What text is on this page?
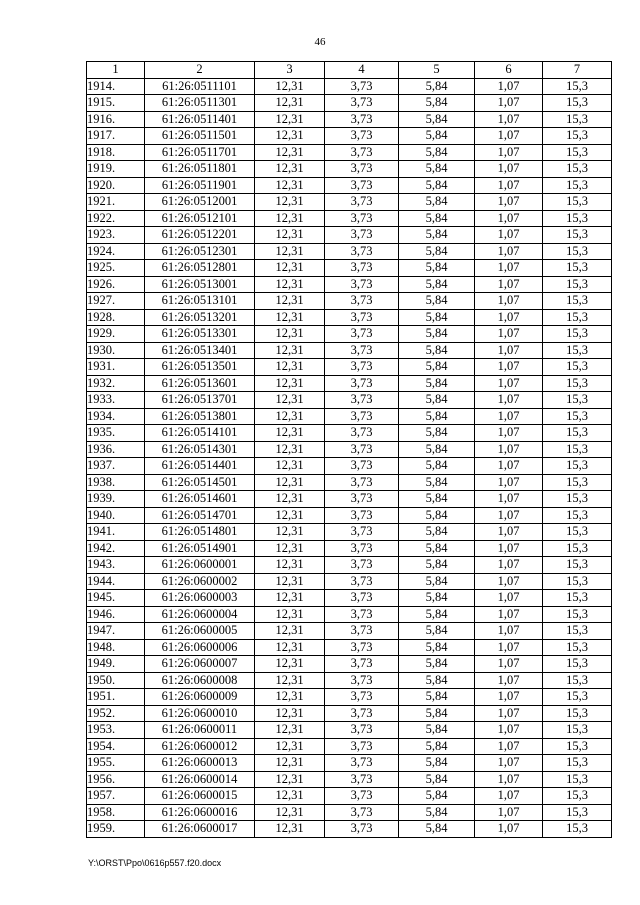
46
1	2	3	4	5	6	7
1914.	61:26:0511101	12,31	3,73	5,84	1,07	15,3
1915.	61:26:0511301	12,31	3,73	5,84	1,07	15,3
1916.	61:26:0511401	12,31	3,73	5,84	1,07	15,3
1917.	61:26:0511501	12,31	3,73	5,84	1,07	15,3
1918.	61:26:0511701	12,31	3,73	5,84	1,07	15,3
1919.	61:26:0511801	12,31	3,73	5,84	1,07	15,3
1920.	61:26:0511901	12,31	3,73	5,84	1,07	15,3
1921.	61:26:0512001	12,31	3,73	5,84	1,07	15,3
1922.	61:26:0512101	12,31	3,73	5,84	1,07	15,3
1923.	61:26:0512201	12,31	3,73	5,84	1,07	15,3
1924.	61:26:0512301	12,31	3,73	5,84	1,07	15,3
1925.	61:26:0512801	12,31	3,73	5,84	1,07	15,3
1926.	61:26:0513001	12,31	3,73	5,84	1,07	15,3
1927.	61:26:0513101	12,31	3,73	5,84	1,07	15,3
1928.	61:26:0513201	12,31	3,73	5,84	1,07	15,3
1929.	61:26:0513301	12,31	3,73	5,84	1,07	15,3
1930.	61:26:0513401	12,31	3,73	5,84	1,07	15,3
1931.	61:26:0513501	12,31	3,73	5,84	1,07	15,3
1932.	61:26:0513601	12,31	3,73	5,84	1,07	15,3
1933.	61:26:0513701	12,31	3,73	5,84	1,07	15,3
1934.	61:26:0513801	12,31	3,73	5,84	1,07	15,3
1935.	61:26:0514101	12,31	3,73	5,84	1,07	15,3
1936.	61:26:0514301	12,31	3,73	5,84	1,07	15,3
1937.	61:26:0514401	12,31	3,73	5,84	1,07	15,3
1938.	61:26:0514501	12,31	3,73	5,84	1,07	15,3
1939.	61:26:0514601	12,31	3,73	5,84	1,07	15,3
1940.	61:26:0514701	12,31	3,73	5,84	1,07	15,3
1941.	61:26:0514801	12,31	3,73	5,84	1,07	15,3
1942.	61:26:0514901	12,31	3,73	5,84	1,07	15,3
1943.	61:26:0600001	12,31	3,73	5,84	1,07	15,3
1944.	61:26:0600002	12,31	3,73	5,84	1,07	15,3
1945.	61:26:0600003	12,31	3,73	5,84	1,07	15,3
1946.	61:26:0600004	12,31	3,73	5,84	1,07	15,3
1947.	61:26:0600005	12,31	3,73	5,84	1,07	15,3
1948.	61:26:0600006	12,31	3,73	5,84	1,07	15,3
1949.	61:26:0600007	12,31	3,73	5,84	1,07	15,3
1950.	61:26:0600008	12,31	3,73	5,84	1,07	15,3
1951.	61:26:0600009	12,31	3,73	5,84	1,07	15,3
1952.	61:26:0600010	12,31	3,73	5,84	1,07	15,3
1953.	61:26:0600011	12,31	3,73	5,84	1,07	15,3
1954.	61:26:0600012	12,31	3,73	5,84	1,07	15,3
1955.	61:26:0600013	12,31	3,73	5,84	1,07	15,3
1956.	61:26:0600014	12,31	3,73	5,84	1,07	15,3
1957.	61:26:0600015	12,31	3,73	5,84	1,07	15,3
1958.	61:26:0600016	12,31	3,73	5,84	1,07	15,3
1959.	61:26:0600017	12,31	3,73	5,84	1,07	15,3
Y:\ORST\Ppo\0616p557.f20.docx
